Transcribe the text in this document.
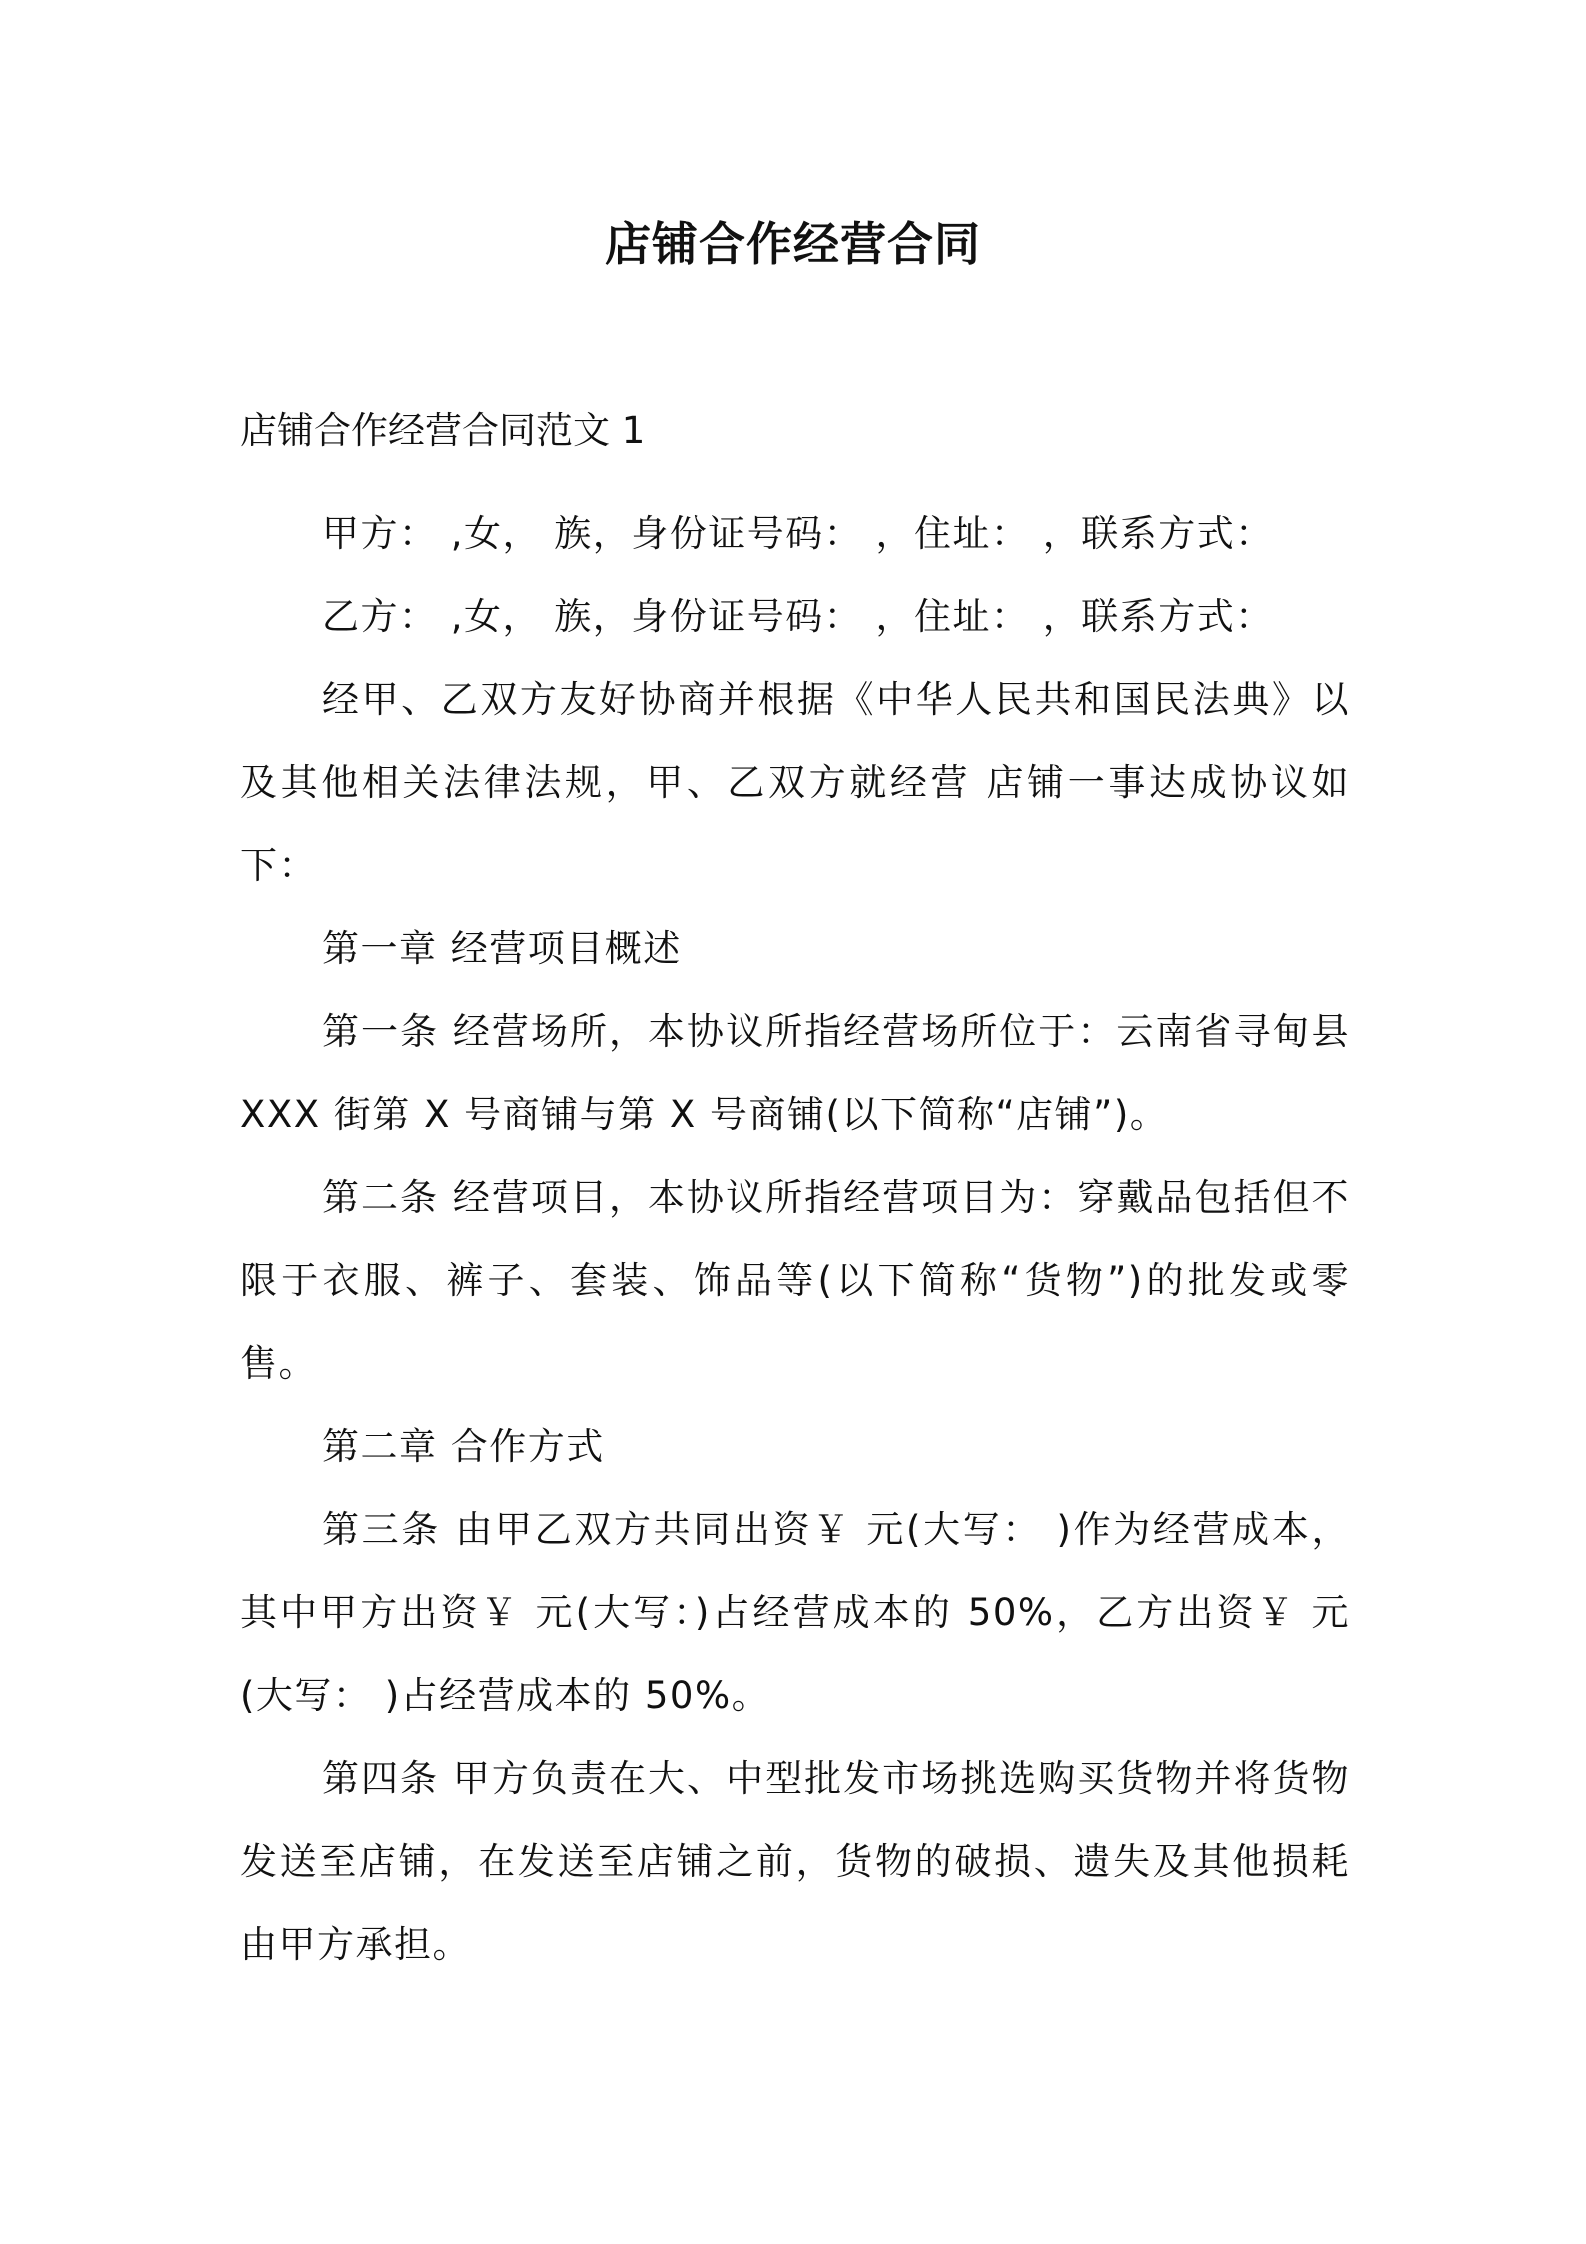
店铺合作经营合同
店铺合作经营合同范文 1

甲方： ,女， 族，身份证号码： ，住址： ，联系方式：

乙方： ,女， 族，身份证号码： ，住址： ，联系方式：

经甲、乙双方友好协商并根据《中华人民共和国民法典》以及其他相关法律法规，甲、乙双方就经营 店铺一事达成协议如下：

第一章 经营项目概述

第一条 经营场所，本协议所指经营场所位于：云南省寻甸县 XXX 街第 X 号商铺与第 X 号商铺(以下简称“店铺”)。

第二条 经营项目，本协议所指经营项目为：穿戴品包括但不限于衣服、裤子、套装、饰品等(以下简称“货物”)的批发或零售。

第二章 合作方式

第三条 由甲乙双方共同出资￥ 元(大写： )作为经营成本，其中甲方出资￥ 元(大写：)占经营成本的 50%，乙方出资￥ 元(大写： )占经营成本的 50%。

第四条 甲方负责在大、中型批发市场挑选购买货物并将货物发送至店铺，在发送至店铺之前，货物的破损、遗失及其他损耗由甲方承担。
